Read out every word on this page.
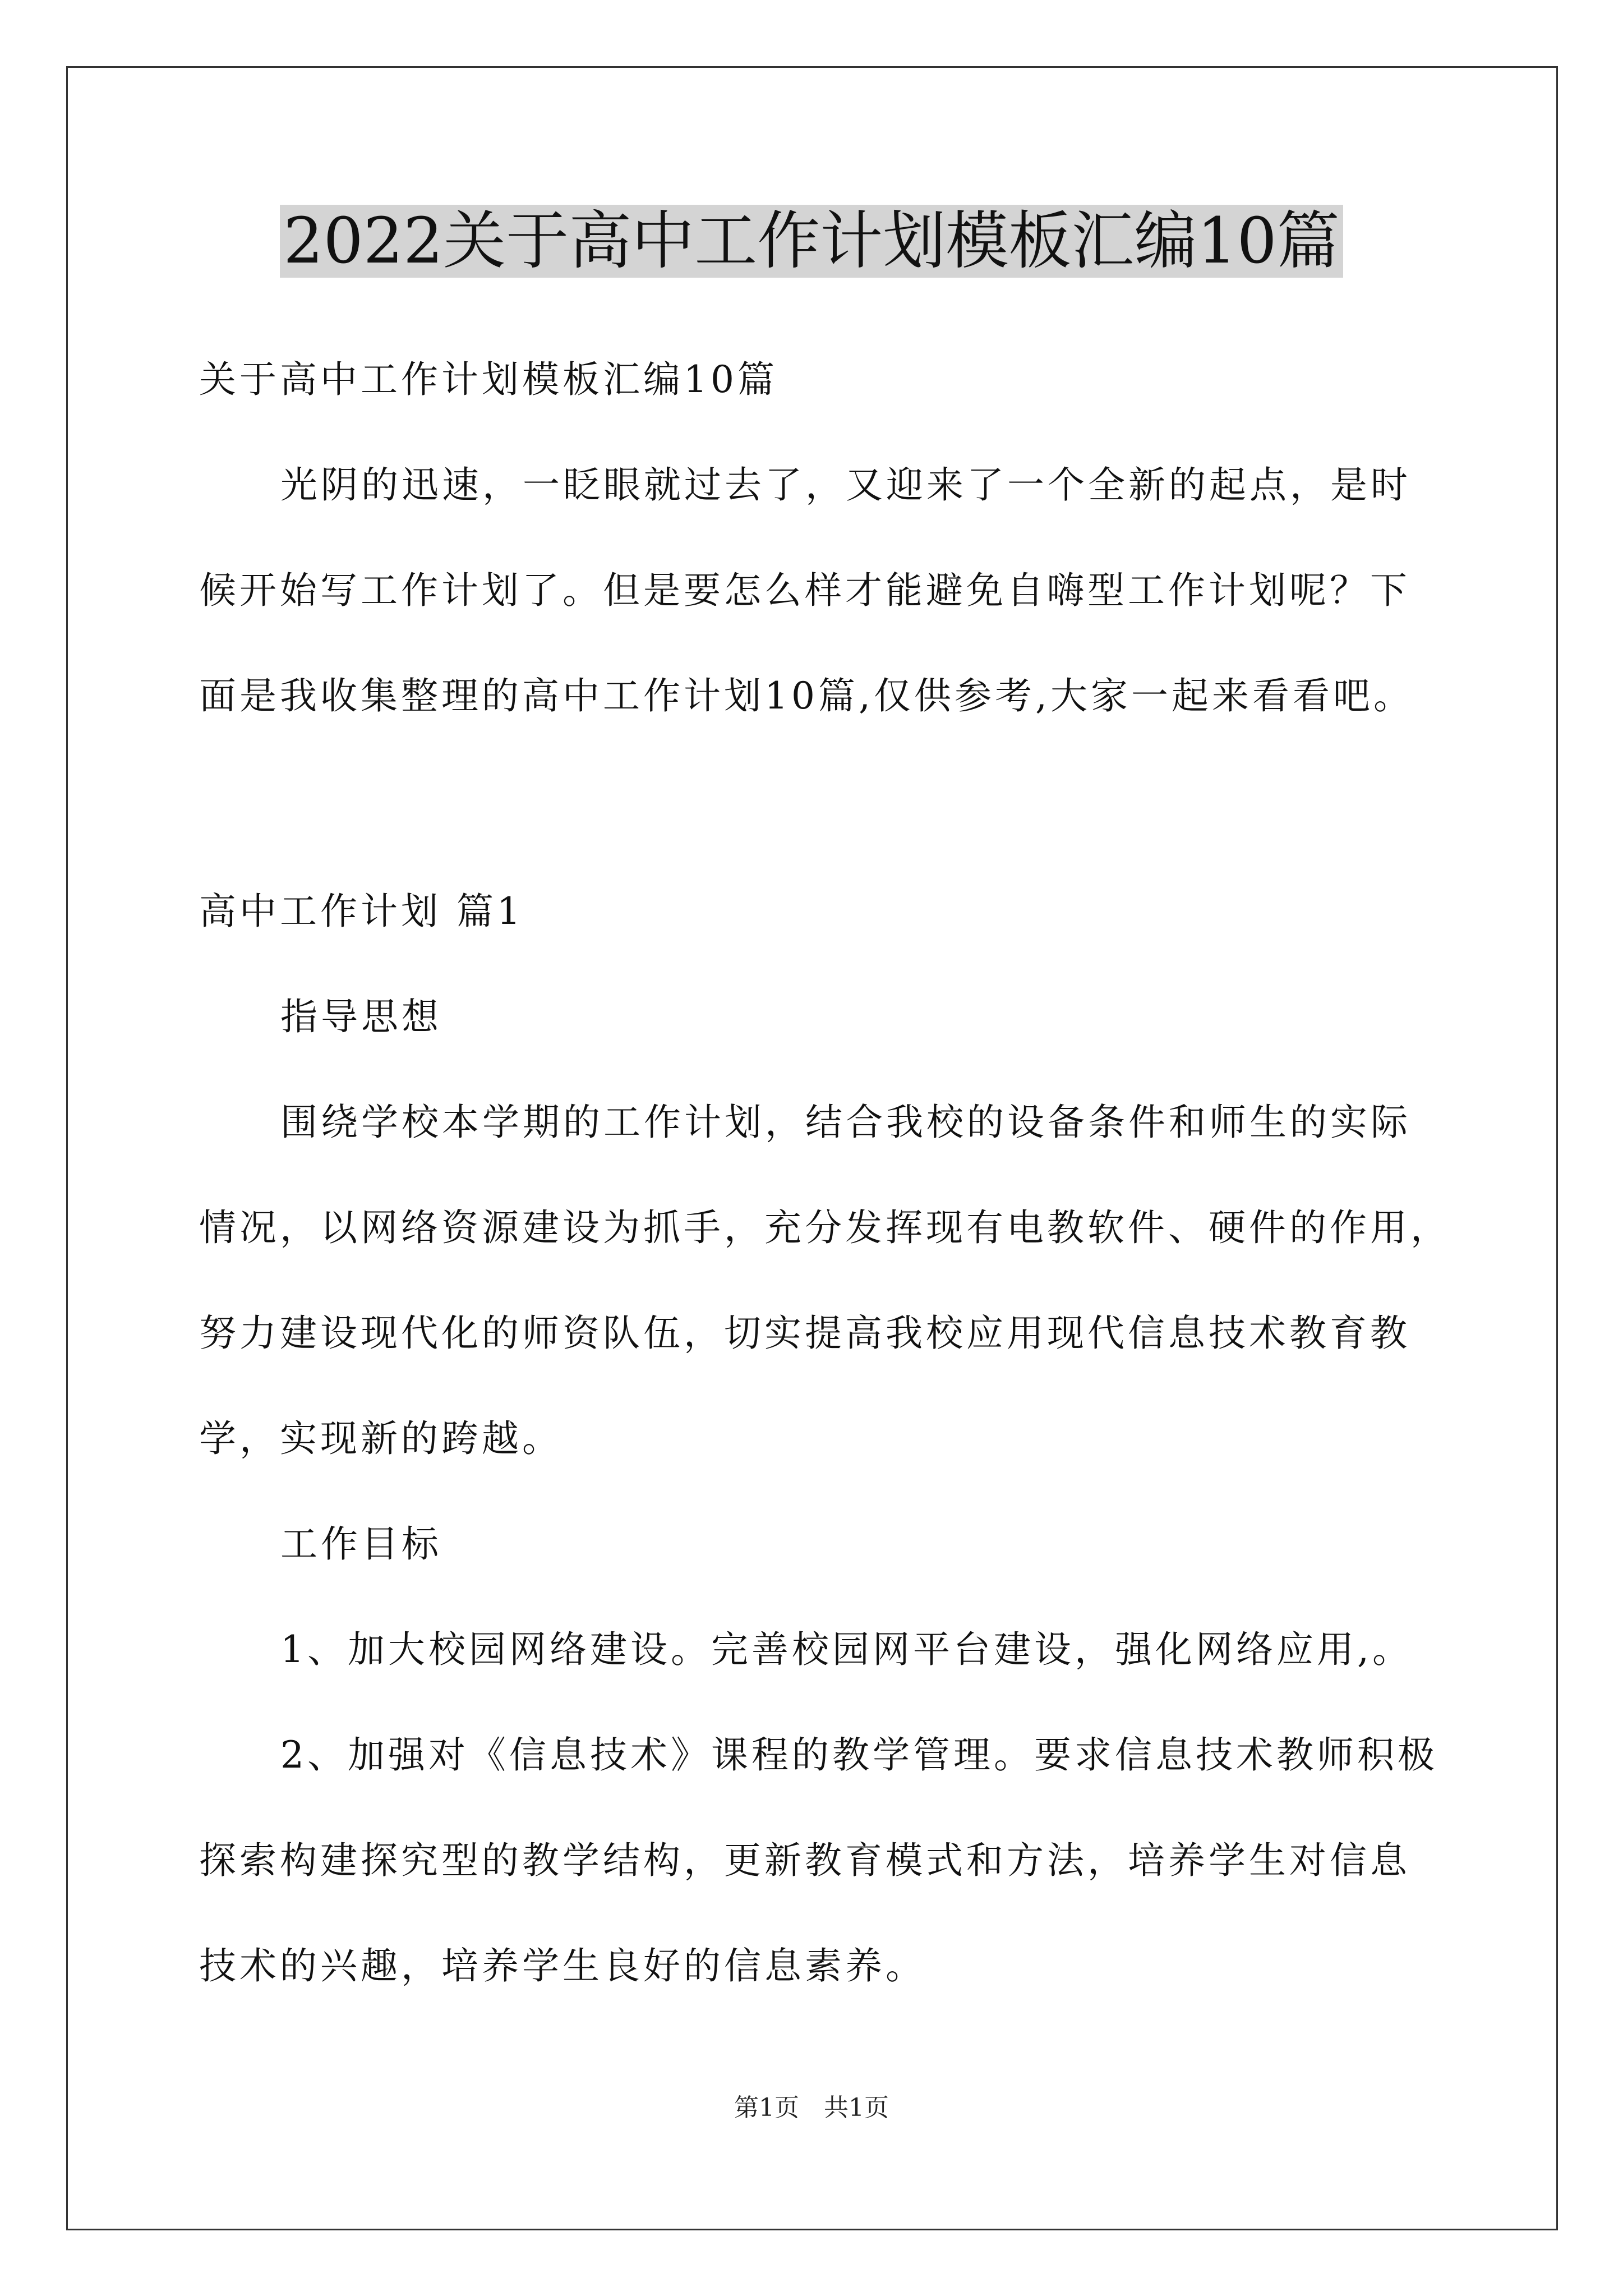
2022关于高中工作计划模板汇编10篇
关于高中工作计划模板汇编10篇
光阴的迅速，一眨眼就过去了，又迎来了一个全新的起点，是时
候开始写工作计划了。但是要怎么样才能避免自嗨型工作计划呢？下
面是我收集整理的高中工作计划10篇,仅供参考,大家一起来看看吧。
高中工作计划 篇1
指导思想
围绕学校本学期的工作计划，结合我校的设备条件和师生的实际
情况，以网络资源建设为抓手，充分发挥现有电教软件、硬件的作用，
努力建设现代化的师资队伍，切实提高我校应用现代信息技术教育教
学，实现新的跨越。
工作目标
1、加大校园网络建设。完善校园网平台建设，强化网络应用,。
2、加强对《信息技术》课程的教学管理。要求信息技术教师积极
探索构建探究型的教学结构，更新教育模式和方法，培养学生对信息
技术的兴趣，培养学生良好的信息素养。
第1页　共1页
